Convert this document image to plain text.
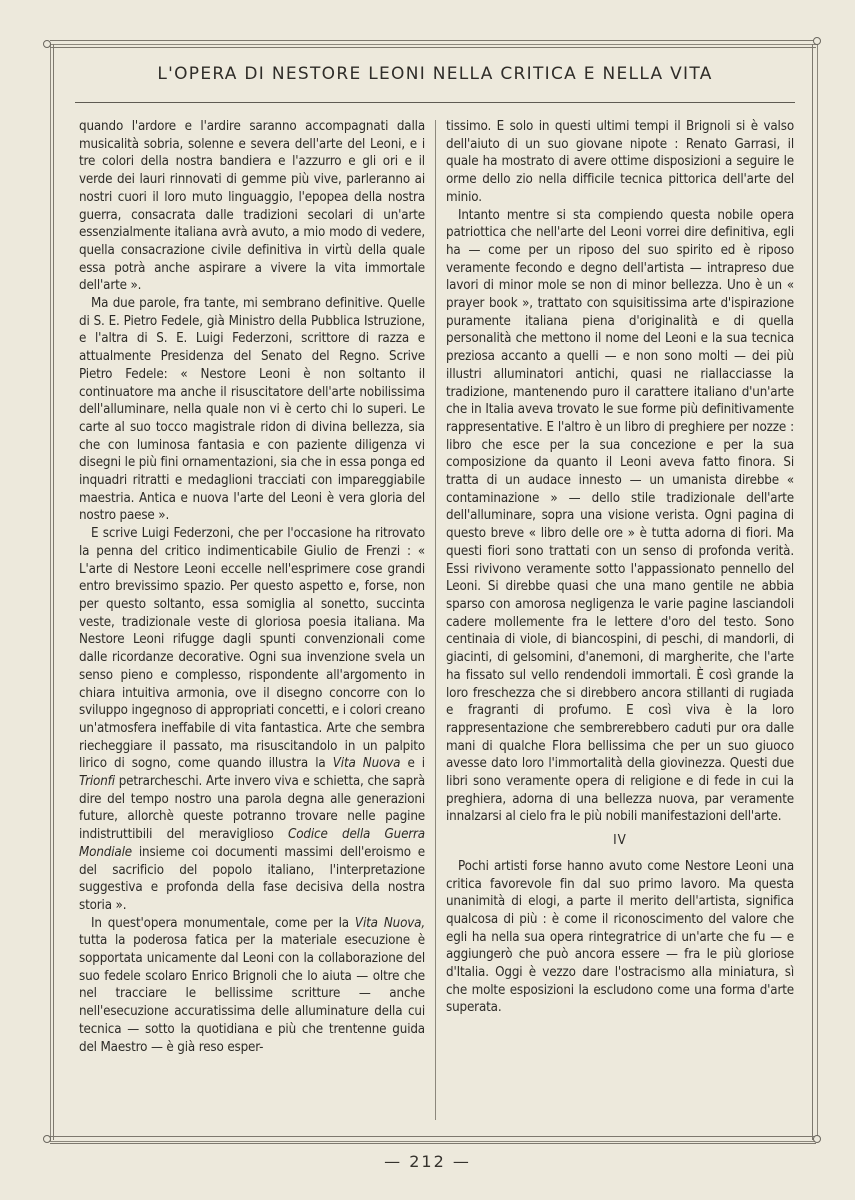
L'OPERA DI NESTORE LEONI NELLA CRITICA E NELLA VITA

quando l'ardore e l'ardire saranno accompagnati dalla musicalità sobria, solenne e severa dell'arte del Leoni, e i tre colori della nostra bandiera e l'azzurro e gli ori e il verde dei lauri rinnovati di gemme più vive, parleranno ai nostri cuori il loro muto linguaggio, l'epopea della nostra guerra, consacrata dalle tradizioni secolari di un'arte essenzialmente italiana avrà avuto, a mio modo di vedere, quella consacrazione civile definitiva in virtù della quale essa potrà anche aspirare a vivere la vita immortale dell'arte ».

Ma due parole, fra tante, mi sembrano definitive. Quelle di S. E. Pietro Fedele, già Ministro della Pubblica Istruzione, e l'altra di S. E. Luigi Federzoni, scrittore di razza e attualmente Presidenza del Senato del Regno. Scrive Pietro Fedele: « Nestore Leoni è non soltanto il continuatore ma anche il risuscitatore dell'arte nobilissima dell'alluminare, nella quale non vi è certo chi lo superi. Le carte al suo tocco magistrale ridon di divina bellezza, sia che con luminosa fantasia e con paziente diligenza vi disegni le più fini ornamentazioni, sia che in essa ponga ed inquadri ritratti e medaglioni tracciati con impareggiabile maestria. Antica e nuova l'arte del Leoni è vera gloria del nostro paese ».

E scrive Luigi Federzoni, che per l'occasione ha ritrovato la penna del critico indimenticabile Giulio de Frenzi : « L'arte di Nestore Leoni eccelle nell'esprimere cose grandi entro brevissimo spazio. Per questo aspetto e, forse, non per questo soltanto, essa somiglia al sonetto, succinta veste, tradizionale veste di gloriosa poesia italiana. Ma Nestore Leoni rifugge dagli spunti convenzionali come dalle ricordanze decorative. Ogni sua invenzione svela un senso pieno e complesso, rispondente all'argomento in chiara intuitiva armonia, ove il disegno concorre con lo sviluppo ingegnoso di appropriati concetti, e i colori creano un'atmosfera ineffabile di vita fantastica. Arte che sembra riecheggiare il passato, ma risuscitandolo in un palpito lirico di sogno, come quando illustra la Vita Nuova e i Trionfi petrarcheschi. Arte invero viva e schietta, che saprà dire del tempo nostro una parola degna alle generazioni future, allorchè queste potranno trovare nelle pagine indistruttibili del meraviglioso Codice della Guerra Mondiale insieme coi documenti massimi dell'eroismo e del sacrificio del popolo italiano, l'interpretazione suggestiva e profonda della fase decisiva della nostra storia ».

In quest'opera monumentale, come per la Vita Nuova, tutta la poderosa fatica per la materiale esecuzione è sopportata unicamente dal Leoni con la collaborazione del suo fedele scolaro Enrico Brignoli che lo aiuta — oltre che nel tracciare le bellissime scritture — anche nell'esecuzione accuratissima delle alluminature della cui tecnica — sotto la quotidiana e più che trentenne guida del Maestro — è già reso esper-

tissimo. E solo in questi ultimi tempi il Brignoli si è valso dell'aiuto di un suo giovane nipote : Renato Garrasi, il quale ha mostrato di avere ottime disposizioni a seguire le orme dello zio nella difficile tecnica pittorica dell'arte del minio.

Intanto mentre si sta compiendo questa nobile opera patriottica che nell'arte del Leoni vorrei dire definitiva, egli ha — come per un riposo del suo spirito ed è riposo veramente fecondo e degno dell'artista — intrapreso due lavori di minor mole se non di minor bellezza. Uno è un « prayer book », trattato con squisitissima arte d'ispirazione puramente italiana piena d'originalità e di quella personalità che mettono il nome del Leoni e la sua tecnica preziosa accanto a quelli — e non sono molti — dei più illustri alluminatori antichi, quasi ne riallacciasse la tradizione, mantenendo puro il carattere italiano d'un'arte che in Italia aveva trovato le sue forme più definitivamente rappresentative. E l'altro è un libro di preghiere per nozze : libro che esce per la sua concezione e per la sua composizione da quanto il Leoni aveva fatto finora. Si tratta di un audace innesto — un umanista direbbe « contaminazione » — dello stile tradizionale dell'arte dell'alluminare, sopra una visione verista. Ogni pagina di questo breve « libro delle ore » è tutta adorna di fiori. Ma questi fiori sono trattati con un senso di profonda verità. Essi rivivono veramente sotto l'appassionato pennello del Leoni. Si direbbe quasi che una mano gentile ne abbia sparso con amorosa negligenza le varie pagine lasciandoli cadere mollemente fra le lettere d'oro del testo. Sono centinaia di viole, di biancospini, di peschi, di mandorli, di giacinti, di gelsomini, d'anemoni, di margherite, che l'arte ha fissato sul vello rendendoli immortali. È così grande la loro freschezza che si direbbero ancora stillanti di rugiada e fragranti di profumo. E così viva è la loro rappresentazione che sembrerebbero caduti pur ora dalle mani di qualche Flora bellissima che per un suo giuoco avesse dato loro l'immortalità della giovinezza. Questi due libri sono veramente opera di religione e di fede in cui la preghiera, adorna di una bellezza nuova, par veramente innalzarsi al cielo fra le più nobili manifestazioni dell'arte.

IV

Pochi artisti forse hanno avuto come Nestore Leoni una critica favorevole fin dal suo primo lavoro. Ma questa unanimità di elogi, a parte il merito dell'artista, significa qualcosa di più : è come il riconoscimento del valore che egli ha nella sua opera rintegratrice di un'arte che fu — e aggiungerò che può ancora essere — fra le più gloriose d'Italia. Oggi è vezzo dare l'ostracismo alla miniatura, sì che molte esposizioni la escludono come una forma d'arte superata.

— 212 —
